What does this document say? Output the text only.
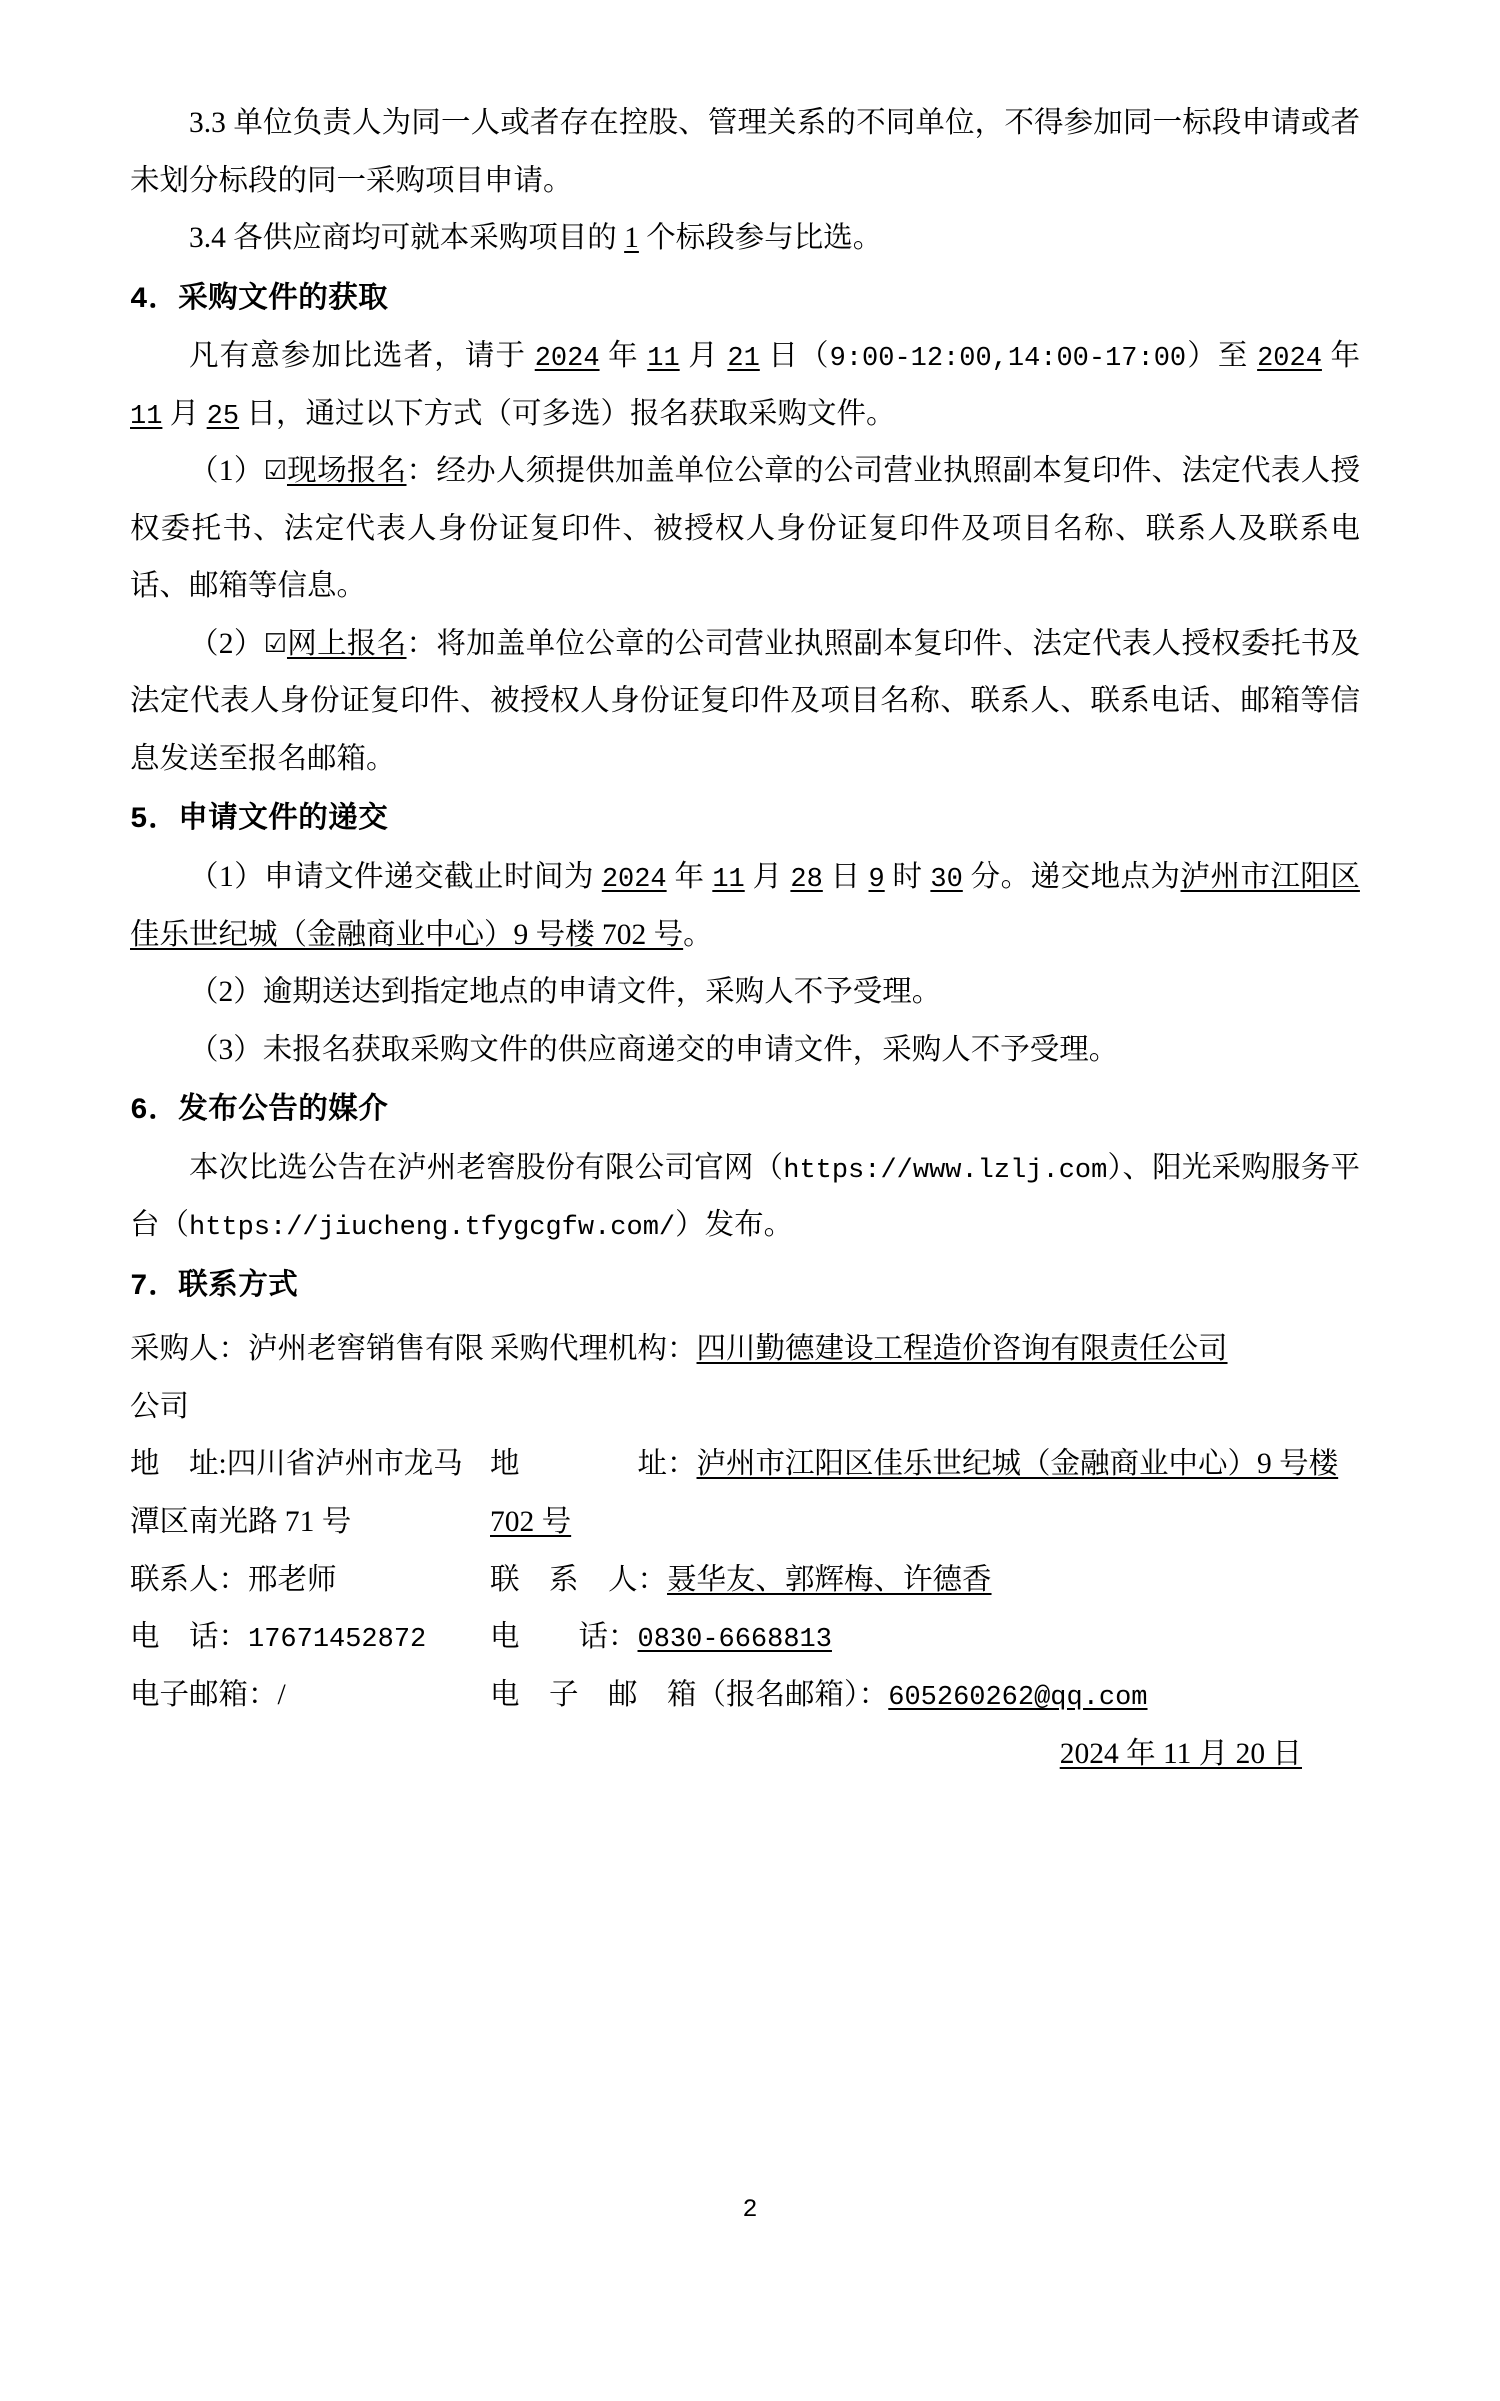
3.3 单位负责人为同一人或者存在控股、管理关系的不同单位，不得参加同一标段申请或者未划分标段的同一采购项目申请。

3.4 各供应商均可就本采购项目的 1 个标段参与比选。

4．采购文件的获取

凡有意参加比选者，请于 2024 年 11 月 21 日（9:00-12:00,14:00-17:00）至 2024 年 11 月 25 日，通过以下方式（可多选）报名获取采购文件。

（1）☑现场报名：经办人须提供加盖单位公章的公司营业执照副本复印件、法定代表人授权委托书、法定代表人身份证复印件、被授权人身份证复印件及项目名称、联系人及联系电话、邮箱等信息。

（2）☑网上报名：将加盖单位公章的公司营业执照副本复印件、法定代表人授权委托书及法定代表人身份证复印件、被授权人身份证复印件及项目名称、联系人、联系电话、邮箱等信息发送至报名邮箱。

5．申请文件的递交

（1）申请文件递交截止时间为 2024 年 11 月 28 日 9 时 30 分。递交地点为泸州市江阳区佳乐世纪城（金融商业中心）9 号楼 702 号。

（2）逾期送达到指定地点的申请文件，采购人不予受理。

（3）未报名获取采购文件的供应商递交的申请文件，采购人不予受理。

6．发布公告的媒介

本次比选公告在泸州老窖股份有限公司官网（https://www.lzlj.com）、阳光采购服务平台（https://jiucheng.tfygcgfw.com/）发布。

7．联系方式

采购人：泸州老窖销售有限公司
采购代理机构：四川勤德建设工程造价咨询有限责任公司
地　址:四川省泸州市龙马潭区南光路 71 号
地　　　　址：泸州市江阳区佳乐世纪城（金融商业中心）9 号楼 702 号
联系人：邢老师	联　系　人：聂华友、郭辉梅、许德香
电　话：17671452872	电　　话：0830-6668813
电子邮箱：/	电　子　邮　箱（报名邮箱）：605260262@qq.com
2024 年 11 月 20 日
2
